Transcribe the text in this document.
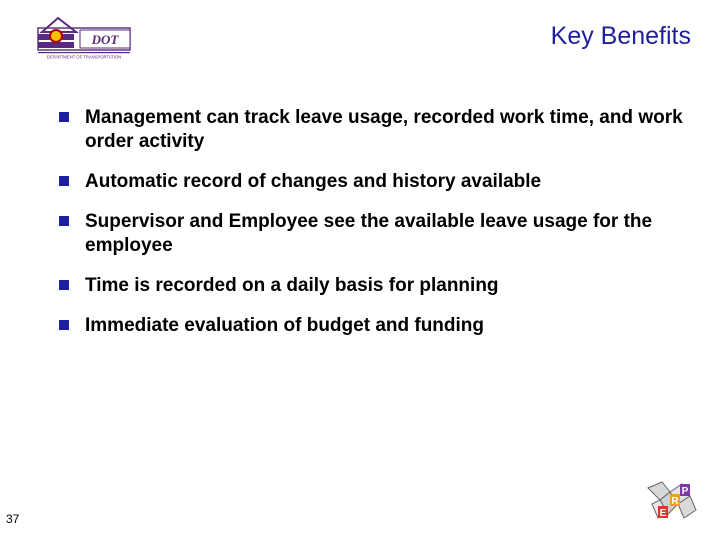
DOT
DEPARTMENT OF TRANSPORTATION
Key Benefits
Management can track leave usage, recorded work time, and work order activity
Automatic record of changes and history available
Supervisor and Employee see the available leave usage for the employee
Time is recorded on a daily basis for planning
Immediate evaluation of budget and funding
37	E
R
P
